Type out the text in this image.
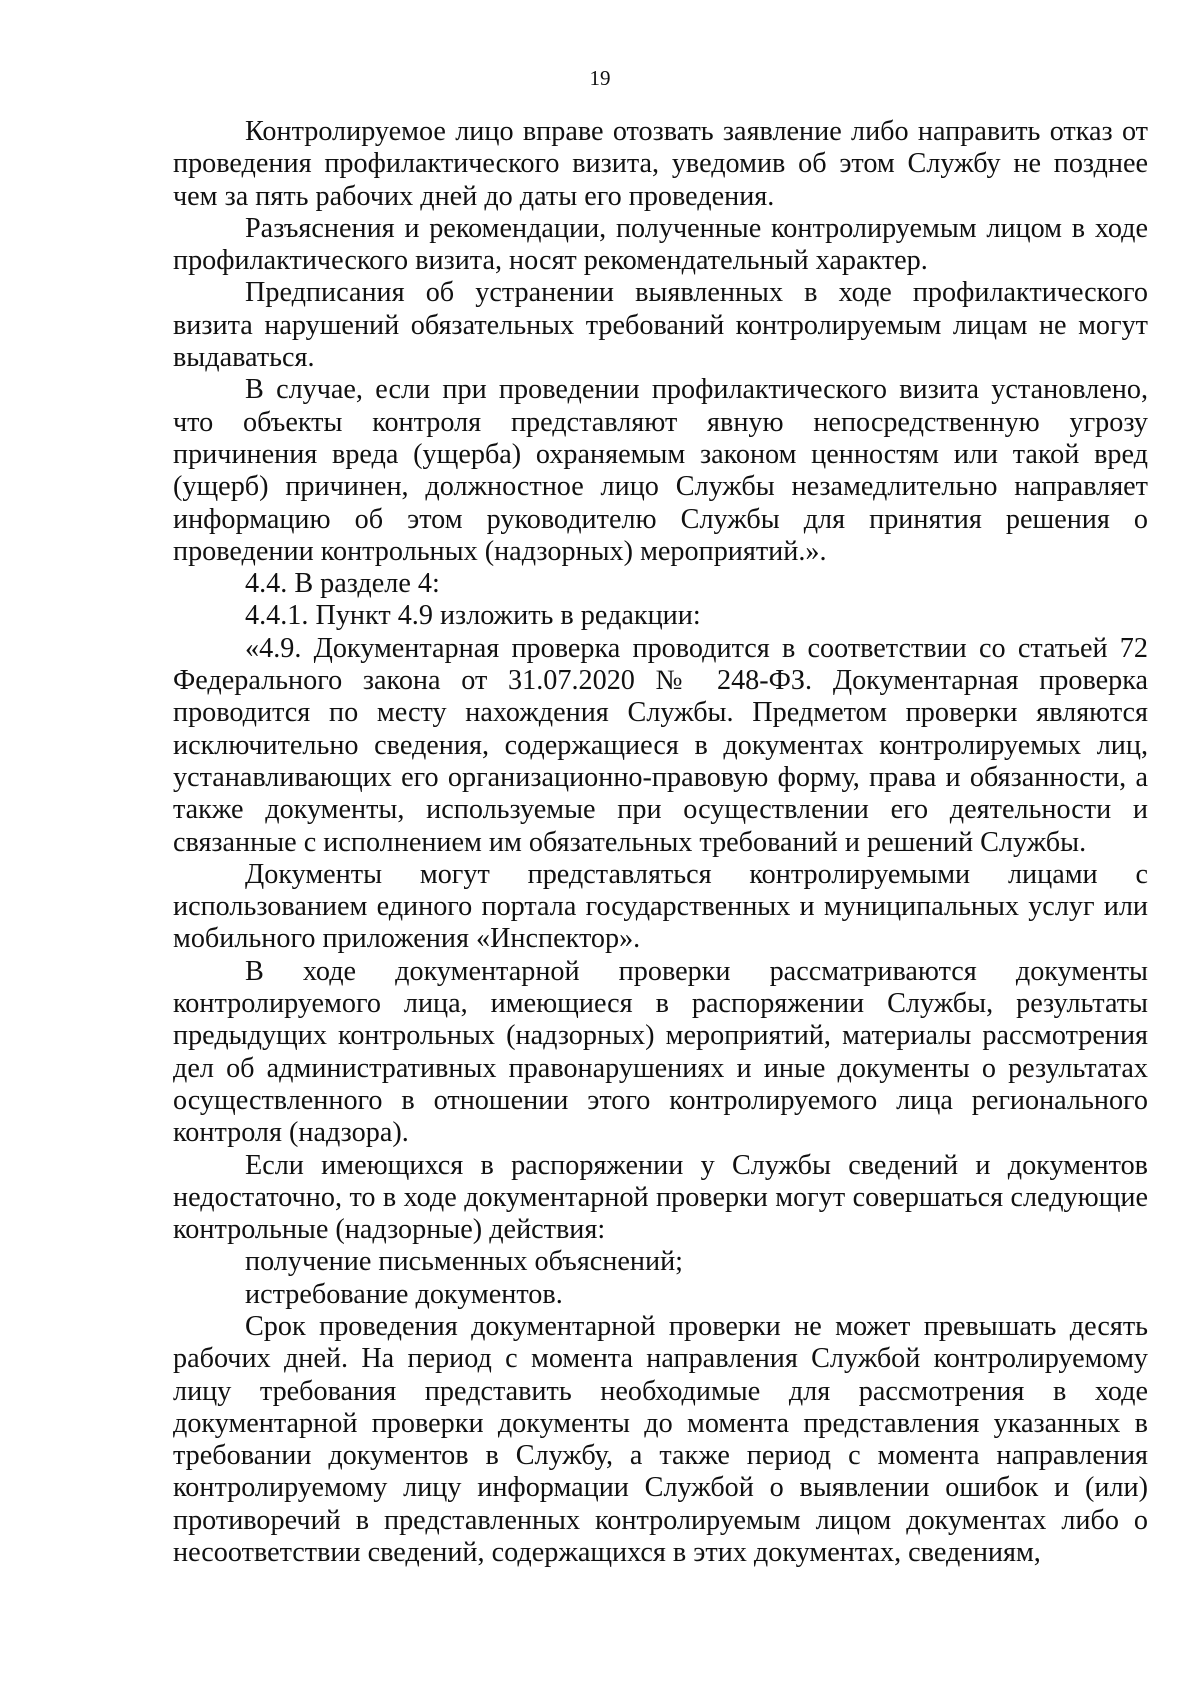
19

Контролируемое лицо вправе отозвать заявление либо направить отказ от проведения профилактического визита, уведомив об этом Службу не позднее чем за пять рабочих дней до даты его проведения.

Разъяснения и рекомендации, полученные контролируемым лицом в ходе профилактического визита, носят рекомендательный характер.

Предписания об устранении выявленных в ходе профилактического визита нарушений обязательных требований контролируемым лицам не могут выдаваться.

В случае, если при проведении профилактического визита установлено, что объекты контроля представляют явную непосредственную угрозу причинения вреда (ущерба) охраняемым законом ценностям или такой вред (ущерб) причинен, должностное лицо Службы незамедлительно направляет информацию об этом руководителю Службы для принятия решения о проведении контрольных (надзорных) мероприятий.».

4.4. В разделе 4:

4.4.1. Пункт 4.9 изложить в редакции:

«4.9. Документарная проверка проводится в соответствии со статьей 72 Федерального закона от 31.07.2020 № 248-ФЗ. Документарная проверка проводится по месту нахождения Службы. Предметом проверки являются исключительно сведения, содержащиеся в документах контролируемых лиц, устанавливающих его организационно-правовую форму, права и обязанности, а также документы, используемые при осуществлении его деятельности и связанные с исполнением им обязательных требований и решений Службы.

Документы могут представляться контролируемыми лицами с использованием единого портала государственных и муниципальных услуг или мобильного приложения «Инспектор».

В ходе документарной проверки рассматриваются документы контролируемого лица, имеющиеся в распоряжении Службы, результаты предыдущих контрольных (надзорных) мероприятий, материалы рассмотрения дел об административных правонарушениях и иные документы о результатах осуществленного в отношении этого контролируемого лица регионального контроля (надзора).

Если имеющихся в распоряжении у Службы сведений и документов недостаточно, то в ходе документарной проверки могут совершаться следующие контрольные (надзорные) действия:

получение письменных объяснений;

истребование документов.

Срок проведения документарной проверки не может превышать десять рабочих дней. На период с момента направления Службой контролируемому лицу требования представить необходимые для рассмотрения в ходе документарной проверки документы до момента представления указанных в требовании документов в Службу, а также период с момента направления контролируемому лицу информации Службой о выявлении ошибок и (или) противоречий в представленных контролируемым лицом документах либо о несоответствии сведений, содержащихся в этих документах, сведениям,
